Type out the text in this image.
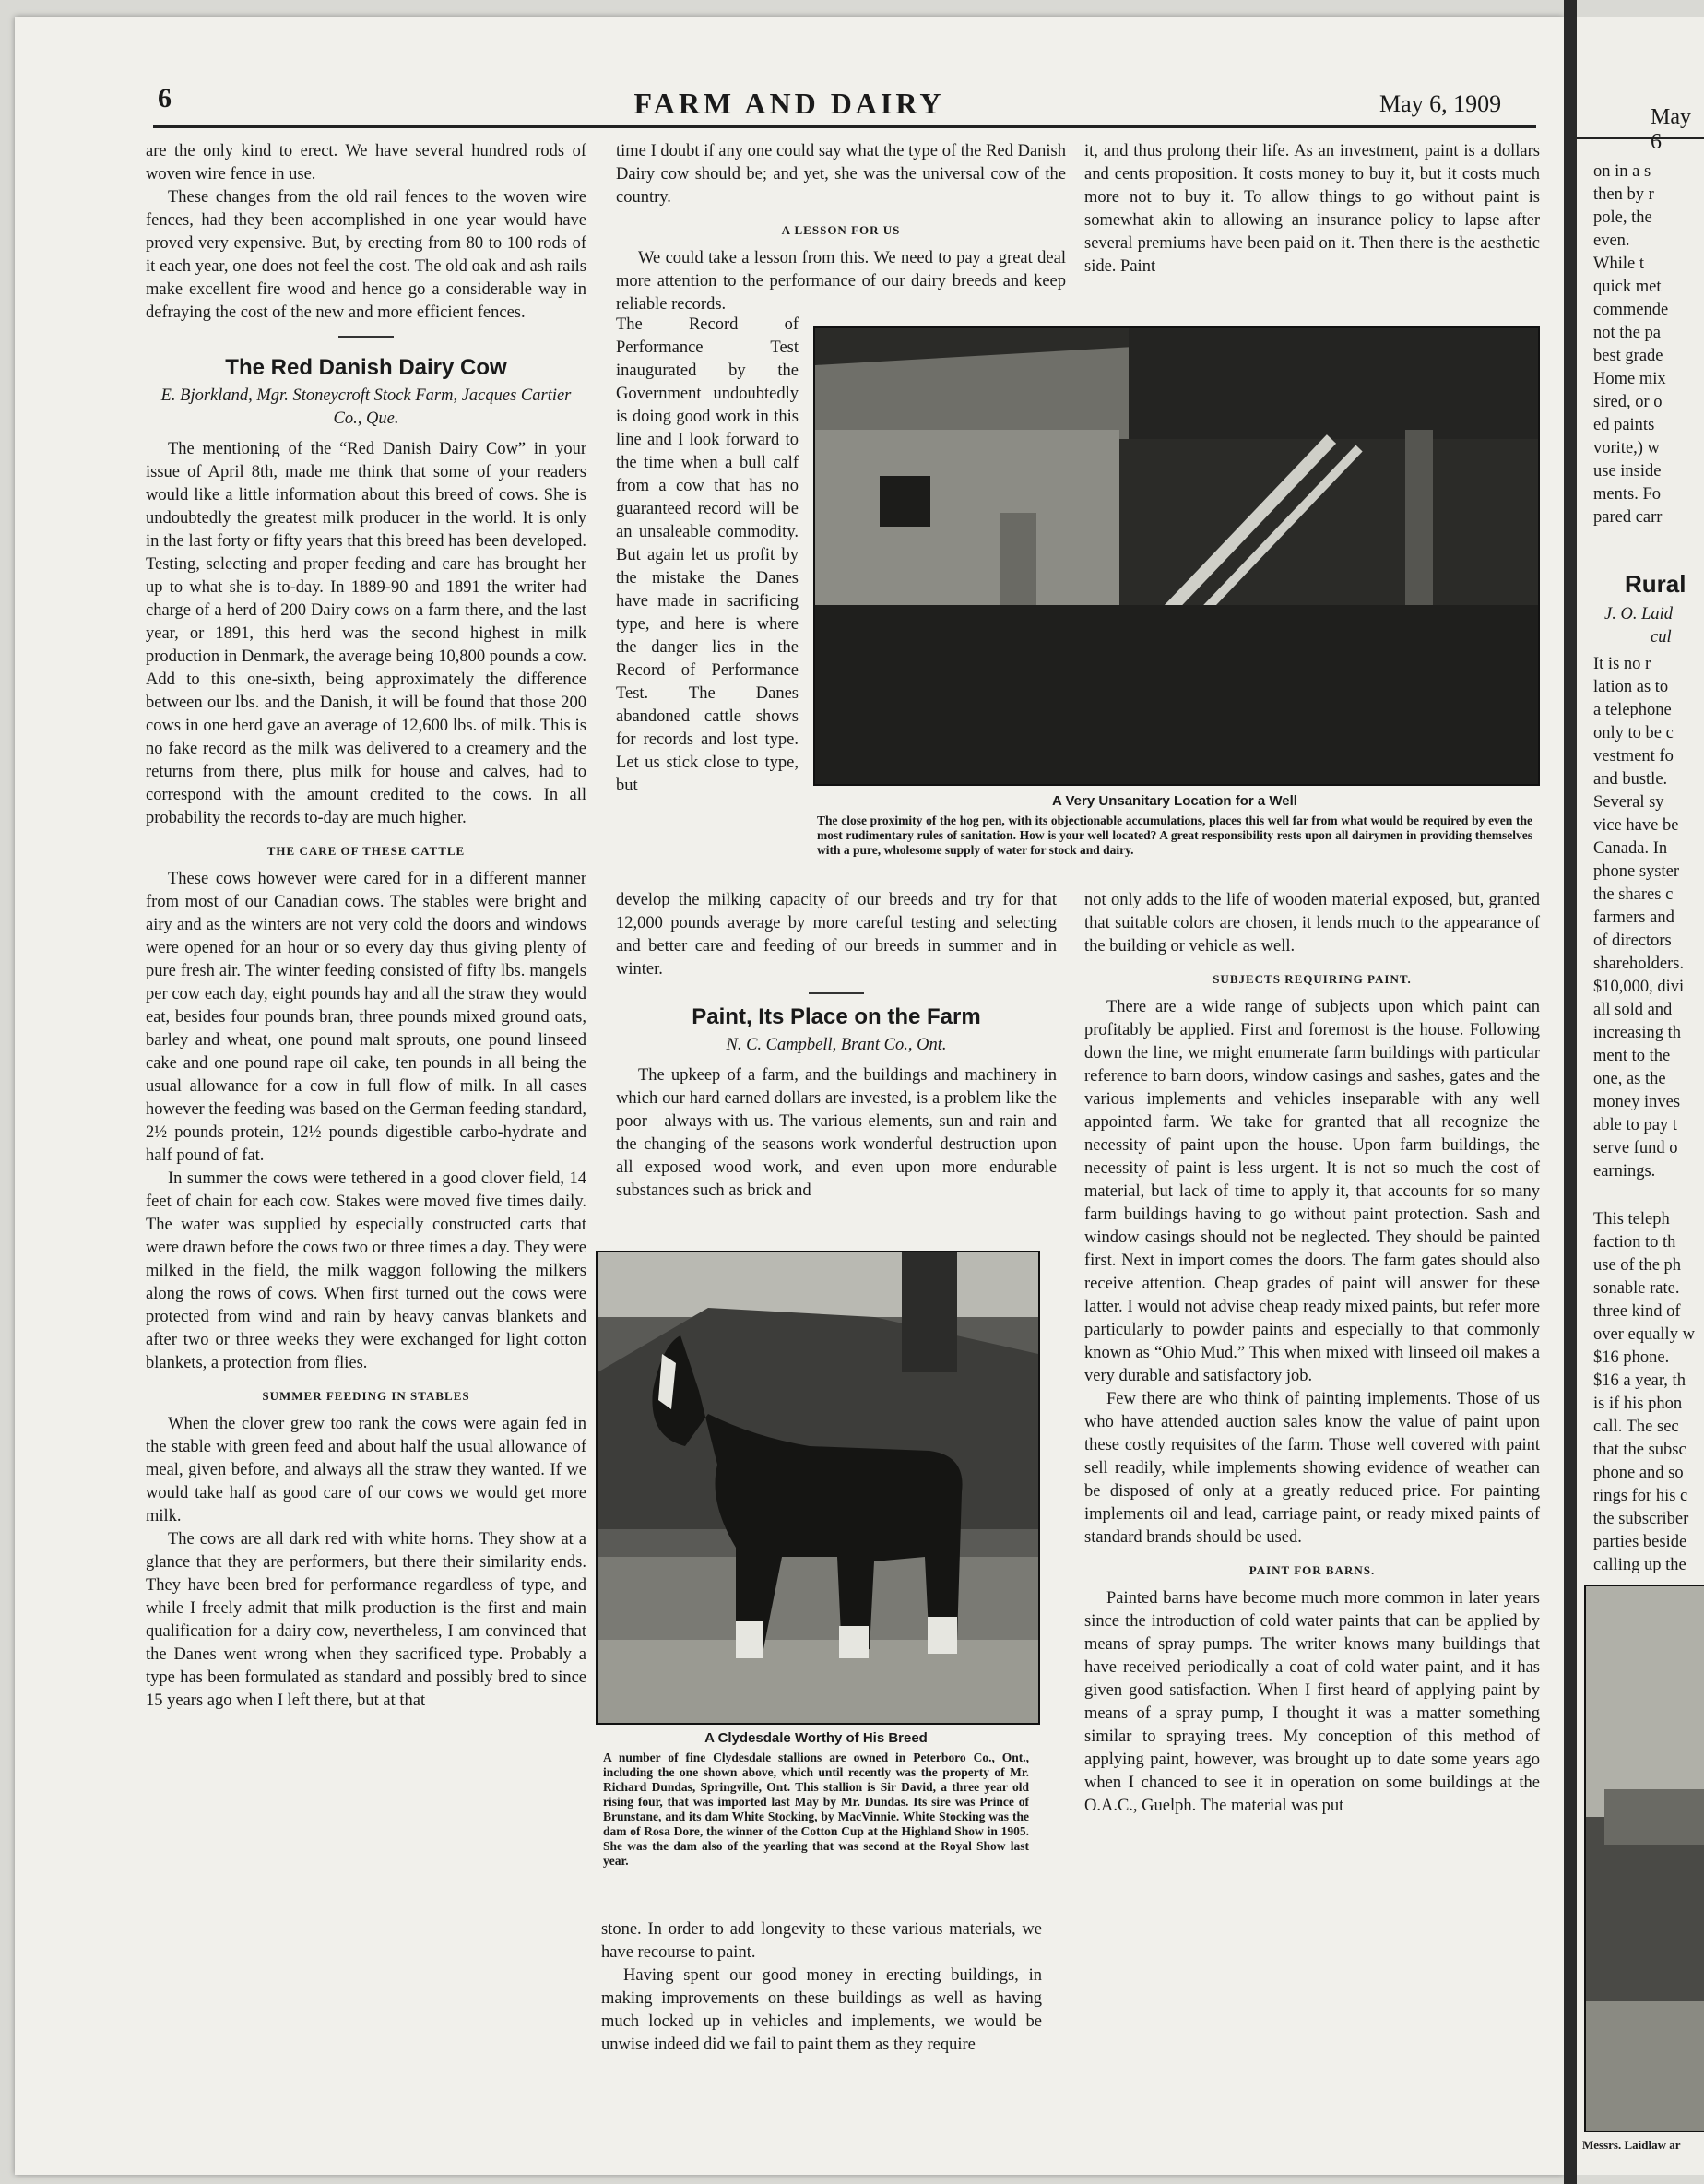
6	FARM AND DAIRY	May 6, 1909

are the only kind to erect. We have several hundred rods of woven wire fence in use.

These changes from the old rail fences to the woven wire fences, had they been accomplished in one year would have proved very expensive. But, by erecting from 80 to 100 rods of it each year, one does not feel the cost. The old oak and ash rails make excellent fire wood and hence go a considerable way in defraying the cost of the new and more efficient fences.

The Red Danish Dairy Cow
E. Bjorkland, Mgr. Stoneycroft Stock Farm, Jacques Cartier Co., Que.

The mentioning of the “Red Danish Dairy Cow” in your issue of April 8th, made me think that some of your readers would like a little information about this breed of cows. She is undoubtedly the greatest milk producer in the world. It is only in the last forty or fifty years that this breed has been developed. Testing, selecting and proper feeding and care has brought her up to what she is to-day. In 1889-90 and 1891 the writer had charge of a herd of 200 Dairy cows on a farm there, and the last year, or 1891, this herd was the second highest in milk production in Denmark, the average being 10,800 pounds a cow. Add to this one-sixth, being approximately the difference between our lbs. and the Danish, it will be found that those 200 cows in one herd gave an average of 12,600 lbs. of milk. This is no fake record as the milk was delivered to a creamery and the returns from there, plus milk for house and calves, had to correspond with the amount credited to the cows. In all probability the records to-day are much higher.

THE CARE OF THESE CATTLE

These cows however were cared for in a different manner from most of our Canadian cows. The stables were bright and airy and as the winters are not very cold the doors and windows were opened for an hour or so every day thus giving plenty of pure fresh air. The winter feeding consisted of fifty lbs. mangels per cow each day, eight pounds hay and all the straw they would eat, besides four pounds bran, three pounds mixed ground oats, barley and wheat, one pound malt sprouts, one pound linseed cake and one pound rape oil cake, ten pounds in all being the usual allowance for a cow in full flow of milk. In all cases however the feeding was based on the German feeding standard, 2½ pounds protein, 12½ pounds digestible carbo-hydrate and half pound of fat.

In summer the cows were tethered in a good clover field, 14 feet of chain for each cow. Stakes were moved five times daily. The water was supplied by especially constructed carts that were drawn before the cows two or three times a day. They were milked in the field, the milk waggon following the milkers along the rows of cows. When first turned out the cows were protected from wind and rain by heavy canvas blankets and after two or three weeks they were exchanged for light cotton blankets, a protection from flies.

SUMMER FEEDING IN STABLES

When the clover grew too rank the cows were again fed in the stable with green feed and about half the usual allowance of meal, given before, and always all the straw they wanted. If we would take half as good care of our cows we would get more milk.

The cows are all dark red with white horns. They show at a glance that they are performers, but there their similarity ends. They have been bred for performance regardless of type, and while I freely admit that milk production is the first and main qualification for a dairy cow, nevertheless, I am convinced that the Danes went wrong when they sacrificed type. Probably a type has been formulated as standard and possibly bred to since 15 years ago when I left there, but at that

time I doubt if any one could say what the type of the Red Danish Dairy cow should be; and yet, she was the universal cow of the country.

A LESSON FOR US

We could take a lesson from this. We need to pay a great deal more attention to the performance of our dairy breeds and keep reliable records.

The Record of Performance Test inaugurated by the Government undoubtedly is doing good work in this line and I look forward to the time when a bull calf from a cow that has no guaranteed record will be an unsaleable commodity. But again let us profit by the mistake the Danes have made in sacrificing type, and here is where the danger lies in the Record of Performance Test. The Danes abandoned cattle shows for records and lost type. Let us stick close to type, but

develop the milking capacity of our breeds and try for that 12,000 pounds average by more careful testing and selecting and better care and feeding of our breeds in summer and in winter.

Paint, Its Place on the Farm
N. C. Campbell, Brant Co., Ont.

The upkeep of a farm, and the buildings and machinery in which our hard earned dollars are invested, is a problem like the poor—always with us. The various elements, sun and rain and the changing of the seasons work wonderful destruction upon all exposed wood work, and even upon more endurable substances such as brick and

A Clydesdale Worthy of His Breed
A number of fine Clydesdale stallions are owned in Peterboro Co., Ont., including the one shown above, which until recently was the property of Mr. Richard Dundas, Springville, Ont. This stallion is Sir David, a three year old rising four, that was imported last May by Mr. Dundas. Its sire was Prince of Brunstane, and its dam White Stocking, by MacVinnie. White Stocking was the dam of Rosa Dore, the winner of the Cotton Cup at the Highland Show in 1905. She was the dam also of the yearling that was second at the Royal Show last year.

stone. In order to add longevity to these various materials, we have recourse to paint.

Having spent our good money in erecting buildings, in making improvements on these buildings as well as having much locked up in vehicles and implements, we would be unwise indeed did we fail to paint them as they require

it, and thus prolong their life. As an investment, paint is a dollars and cents proposition. It costs money to buy it, but it costs much more not to buy it. To allow things to go without paint is somewhat akin to allowing an insurance policy to lapse after several premiums have been paid on it. Then there is the aesthetic side. Paint

A Very Unsanitary Location for a Well
The close proximity of the hog pen, with its objectionable accumulations, places this well far from what would be required by even the most rudimentary rules of sanitation. How is your well located? A great responsibility rests upon all dairymen in providing themselves with a pure, wholesome supply of water for stock and dairy.

not only adds to the life of wooden material exposed, but, granted that suitable colors are chosen, it lends much to the appearance of the building or vehicle as well.

SUBJECTS REQUIRING PAINT.

There are a wide range of subjects upon which paint can profitably be applied. First and foremost is the house. Following down the line, we might enumerate farm buildings with particular reference to barn doors, window casings and sashes, gates and the various implements and vehicles inseparable with any well appointed farm. We take for granted that all recognize the necessity of paint upon the house. Upon farm buildings, the necessity of paint is less urgent. It is not so much the cost of material, but lack of time to apply it, that accounts for so many farm buildings having to go without paint protection. Sash and window casings should not be neglected. They should be painted first. Next in import comes the doors. The farm gates should also receive attention. Cheap grades of paint will answer for these latter. I would not advise cheap ready mixed paints, but refer more particularly to powder paints and especially to that commonly known as “Ohio Mud.” This when mixed with linseed oil makes a very durable and satisfactory job.

Few there are who think of painting implements. Those of us who have attended auction sales know the value of paint upon these costly requisites of the farm. Those well covered with paint sell readily, while implements showing evidence of weather can be disposed of only at a greatly reduced price. For painting implements oil and lead, carriage paint, or ready mixed paints of standard brands should be used.

PAINT FOR BARNS.

Painted barns have become much more common in later years since the introduction of cold water paints that can be applied by means of spray pumps. The writer knows many buildings that have received periodically a coat of cold water paint, and it has given good satisfaction. When I first heard of applying paint by means of a spray pump, I thought it was a matter something similar to spraying trees. My conception of this method of applying paint, however, was brought up to date some years ago when I chanced to see it in operation on some buildings at the O.A.C., Guelph. The material was put

May 6
on in a s
then by r
pole, the
even.
While t
quick met
commende
not the pa
best grade
Home mix
sired, or o
ed paints
vorite,) w
use inside
ments. Fo
pared carr
Rural
J. O. Laid
cul
It is no r
lation as to
a telephone
only to be c
vestment fo
and bustle.
Several sy
vice have be
Canada. In
phone syster
the shares c
farmers and
of directors
shareholders.
$10,000, divi
all sold and
increasing th
ment to the
one, as the
money inves
able to pay t
serve fund o
earnings.
This teleph
faction to th
use of the ph
sonable rate.
three kind of
over equally w
$16 phone.
$16 a year, th
is if his phon
call. The sec
that the subsc
phone and so
rings for his c
the subscriber
parties beside
calling up the
Messrs. Laidlaw ar
